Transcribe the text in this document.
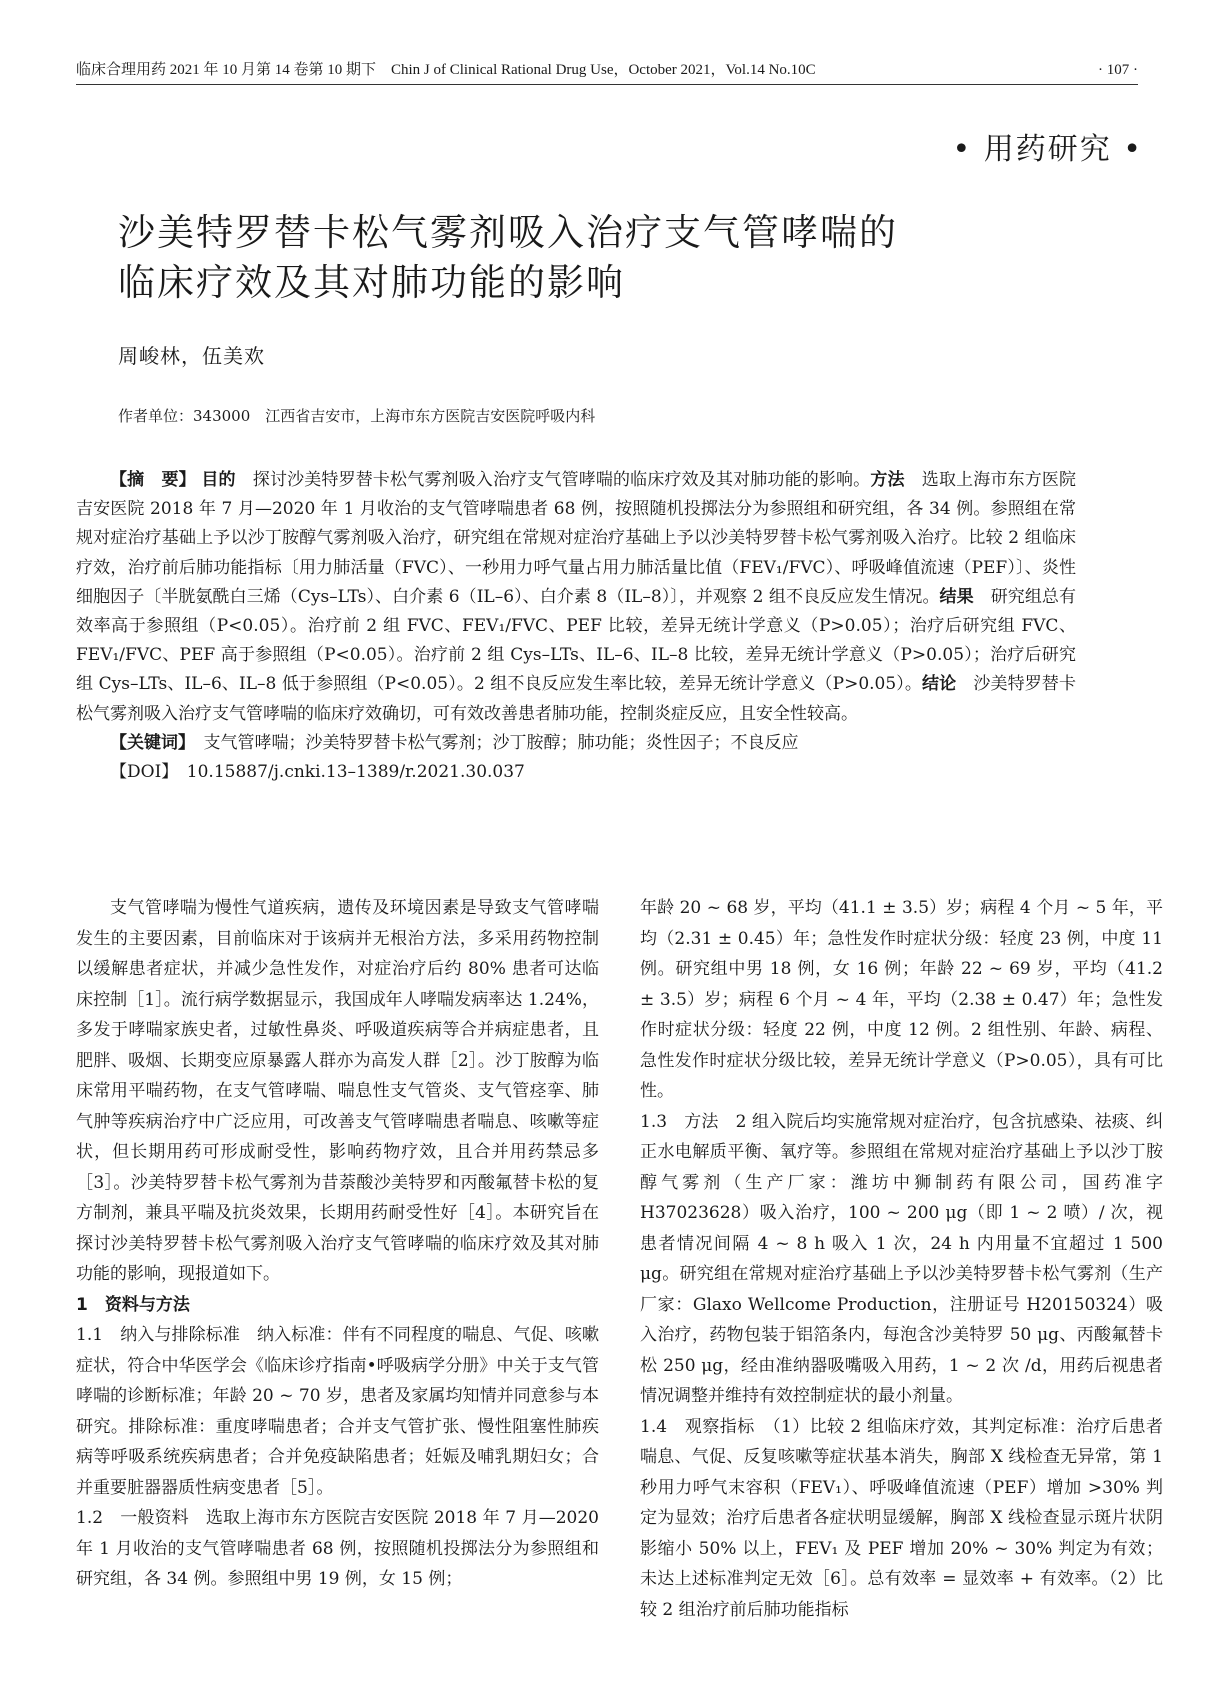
临床合理用药 2021 年 10 月第 14 卷第 10 期下　Chin J of Clinical Rational Drug Use，October 2021，Vol.14 No.10C	· 107 ·
• 用药研究 •
沙美特罗替卡松气雾剂吸入治疗支气管哮喘的
临床疗效及其对肺功能的影响
周峻林，伍美欢
作者单位：343000　江西省吉安市，上海市东方医院吉安医院呼吸内科

【摘　要】 目的　探讨沙美特罗替卡松气雾剂吸入治疗支气管哮喘的临床疗效及其对肺功能的影响。方法　选取上海市东方医院吉安医院 2018 年 7 月—2020 年 1 月收治的支气管哮喘患者 68 例，按照随机投掷法分为参照组和研究组，各 34 例。参照组在常规对症治疗基础上予以沙丁胺醇气雾剂吸入治疗，研究组在常规对症治疗基础上予以沙美特罗替卡松气雾剂吸入治疗。比较 2 组临床疗效，治疗前后肺功能指标〔用力肺活量（FVC）、一秒用力呼气量占用力肺活量比值（FEV₁/FVC）、呼吸峰值流速（PEF）〕、炎性细胞因子〔半胱氨酰白三烯（Cys–LTs）、白介素 6（IL–6）、白介素 8（IL–8）〕，并观察 2 组不良反应发生情况。结果　研究组总有效率高于参照组（P<0.05）。治疗前 2 组 FVC、FEV₁/FVC、PEF 比较，差异无统计学意义（P>0.05）；治疗后研究组 FVC、FEV₁/FVC、PEF 高于参照组（P<0.05）。治疗前 2 组 Cys–LTs、IL–6、IL–8 比较，差异无统计学意义（P>0.05）；治疗后研究组 Cys–LTs、IL–6、IL–8 低于参照组（P<0.05）。2 组不良反应发生率比较，差异无统计学意义（P>0.05）。结论　沙美特罗替卡松气雾剂吸入治疗支气管哮喘的临床疗效确切，可有效改善患者肺功能，控制炎症反应，且安全性较高。

【关键词】　支气管哮喘；沙美特罗替卡松气雾剂；沙丁胺醇；肺功能；炎性因子；不良反应

【DOI】　10.15887/j.cnki.13–1389/r.2021.30.037

支气管哮喘为慢性气道疾病，遗传及环境因素是导致支气管哮喘发生的主要因素，目前临床对于该病并无根治方法，多采用药物控制以缓解患者症状，并减少急性发作，对症治疗后约 80% 患者可达临床控制［1］。流行病学数据显示，我国成年人哮喘发病率达 1.24%，多发于哮喘家族史者，过敏性鼻炎、呼吸道疾病等合并病症患者，且肥胖、吸烟、长期变应原暴露人群亦为高发人群［2］。沙丁胺醇为临床常用平喘药物，在支气管哮喘、喘息性支气管炎、支气管痉挛、肺气肿等疾病治疗中广泛应用，可改善支气管哮喘患者喘息、咳嗽等症状，但长期用药可形成耐受性，影响药物疗效，且合并用药禁忌多［3］。沙美特罗替卡松气雾剂为昔萘酸沙美特罗和丙酸氟替卡松的复方制剂，兼具平喘及抗炎效果，长期用药耐受性好［4］。本研究旨在探讨沙美特罗替卡松气雾剂吸入治疗支气管哮喘的临床疗效及其对肺功能的影响，现报道如下。

1　资料与方法

1.1　纳入与排除标准　纳入标准：伴有不同程度的喘息、气促、咳嗽症状，符合中华医学会《临床诊疗指南•呼吸病学分册》中关于支气管哮喘的诊断标准；年龄 20 ~ 70 岁，患者及家属均知情并同意参与本研究。排除标准：重度哮喘患者；合并支气管扩张、慢性阻塞性肺疾病等呼吸系统疾病患者；合并免疫缺陷患者；妊娠及哺乳期妇女；合并重要脏器器质性病变患者［5］。

1.2　一般资料　选取上海市东方医院吉安医院 2018 年 7 月—2020 年 1 月收治的支气管哮喘患者 68 例，按照随机投掷法分为参照组和研究组，各 34 例。参照组中男 19 例，女 15 例；

年龄 20 ~ 68 岁，平均（41.1 ± 3.5）岁；病程 4 个月 ~ 5 年，平均（2.31 ± 0.45）年；急性发作时症状分级：轻度 23 例，中度 11 例。研究组中男 18 例，女 16 例；年龄 22 ~ 69 岁，平均（41.2 ± 3.5）岁；病程 6 个月 ~ 4 年，平均（2.38 ± 0.47）年；急性发作时症状分级：轻度 22 例，中度 12 例。2 组性别、年龄、病程、急性发作时症状分级比较，差异无统计学意义（P>0.05），具有可比性。

1.3　方法　2 组入院后均实施常规对症治疗，包含抗感染、祛痰、纠正水电解质平衡、氧疗等。参照组在常规对症治疗基础上予以沙丁胺醇气雾剂（生产厂家：潍坊中狮制药有限公司，国药准字 H37023628）吸入治疗，100 ~ 200 μg（即 1 ~ 2 喷）/ 次，视患者情况间隔 4 ~ 8 h 吸入 1 次，24 h 内用量不宜超过 1 500 μg。研究组在常规对症治疗基础上予以沙美特罗替卡松气雾剂（生产厂家：Glaxo Wellcome Production，注册证号 H20150324）吸入治疗，药物包装于铝箔条内，每泡含沙美特罗 50 μg、丙酸氟替卡松 250 μg，经由准纳器吸嘴吸入用药，1 ~ 2 次 /d，用药后视患者情况调整并维持有效控制症状的最小剂量。

1.4　观察指标　（1）比较 2 组临床疗效，其判定标准：治疗后患者喘息、气促、反复咳嗽等症状基本消失，胸部 X 线检查无异常，第 1 秒用力呼气末容积（FEV₁）、呼吸峰值流速（PEF）增加 >30% 判定为显效；治疗后患者各症状明显缓解，胸部 X 线检查显示斑片状阴影缩小 50% 以上，FEV₁ 及 PEF 增加 20% ~ 30% 判定为有效；未达上述标准判定无效［6］。总有效率 = 显效率 + 有效率。（2）比较 2 组治疗前后肺功能指标
